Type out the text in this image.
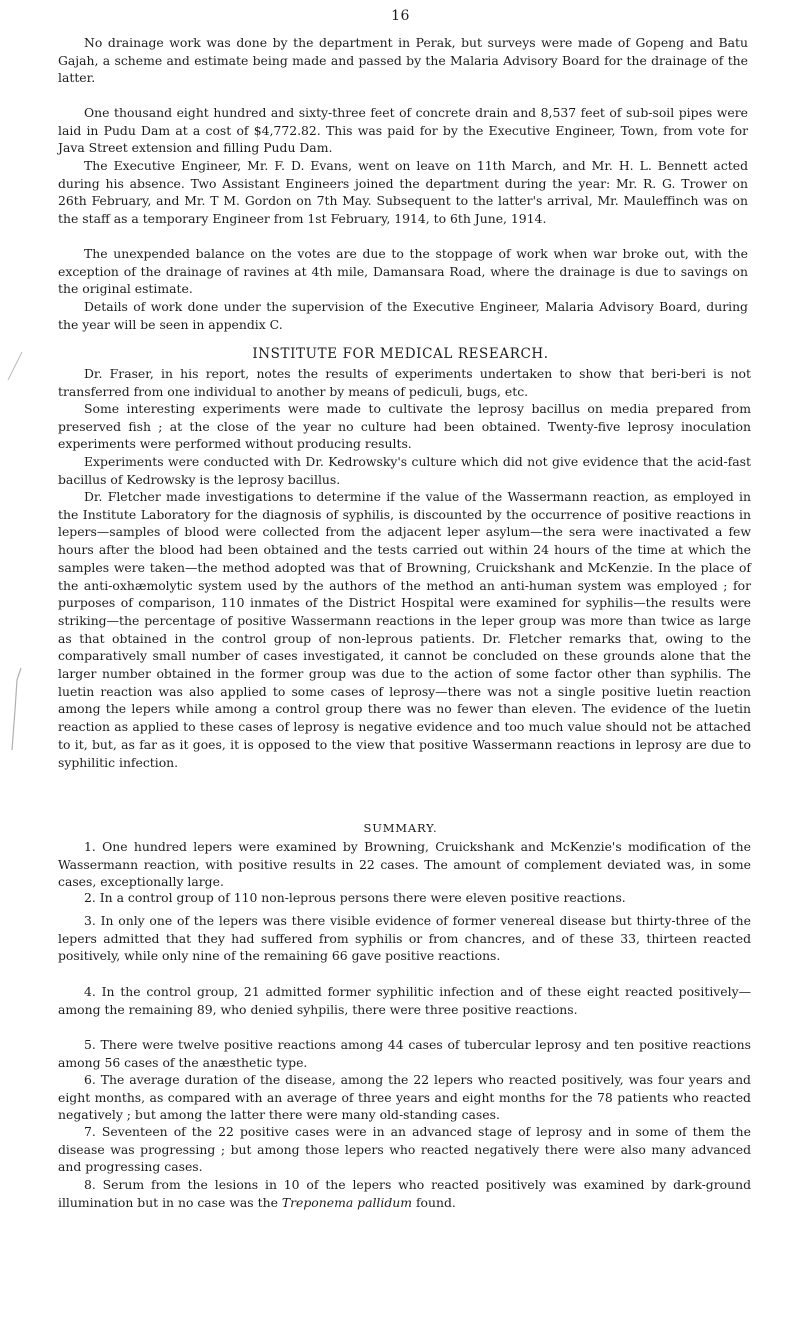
16

No drainage work was done by the department in Perak, but surveys were made of Gopeng and Batu Gajah, a scheme and estimate being made and passed by the Malaria Advisory Board for the drainage of the latter.

One thousand eight hundred and sixty-three feet of concrete drain and 8,537 feet of sub-soil pipes were laid in Pudu Dam at a cost of $4,772.82. This was paid for by the Executive Engineer, Town, from vote for Java Street extension and filling Pudu Dam.

The Executive Engineer, Mr. F. D. Evans, went on leave on 11th March, and Mr. H. L. Bennett acted during his absence. Two Assistant Engineers joined the department during the year: Mr. R. G. Trower on 26th February, and Mr. T M. Gordon on 7th May. Subsequent to the latter's arrival, Mr. Mauleffinch was on the staff as a temporary Engineer from 1st February, 1914, to 6th June, 1914.

The unexpended balance on the votes are due to the stoppage of work when war broke out, with the exception of the drainage of ravines at 4th mile, Damansara Road, where the drainage is due to savings on the original estimate.

Details of work done under the supervision of the Executive Engineer, Malaria Advisory Board, during the year will be seen in appendix C.

INSTITUTE FOR MEDICAL RESEARCH.

Dr. Fraser, in his report, notes the results of experiments undertaken to show that beri-beri is not transferred from one individual to another by means of pediculi, bugs, etc.

Some interesting experiments were made to cultivate the leprosy bacillus on media prepared from preserved fish ; at the close of the year no culture had been obtained. Twenty-five leprosy inoculation experiments were performed without producing results.

Experiments were conducted with Dr. Kedrowsky's culture which did not give evidence that the acid-fast bacillus of Kedrowsky is the leprosy bacillus.

Dr. Fletcher made investigations to determine if the value of the Wassermann reaction, as employed in the Institute Laboratory for the diagnosis of syphilis, is discounted by the occurrence of positive reactions in lepers—samples of blood were collected from the adjacent leper asylum—the sera were inactivated a few hours after the blood had been obtained and the tests carried out within 24 hours of the time at which the samples were taken—the method adopted was that of Browning, Cruickshank and McKenzie. In the place of the anti-oxhæmolytic system used by the authors of the method an anti-human system was employed ; for purposes of comparison, 110 inmates of the District Hospital were examined for syphilis—the results were striking—the percentage of positive Wassermann reactions in the leper group was more than twice as large as that obtained in the control group of non-leprous patients. Dr. Fletcher remarks that, owing to the comparatively small number of cases investigated, it cannot be concluded on these grounds alone that the larger number obtained in the former group was due to the action of some factor other than syphilis. The luetin reaction was also applied to some cases of leprosy—there was not a single positive luetin reaction among the lepers while among a control group there was no fewer than eleven. The evidence of the luetin reaction as applied to these cases of leprosy is negative evidence and too much value should not be attached to it, but, as far as it goes, it is opposed to the view that positive Wassermann reactions in leprosy are due to syphilitic infection.

SUMMARY.

1. One hundred lepers were examined by Browning, Cruickshank and McKenzie's modification of the Wassermann reaction, with positive results in 22 cases. The amount of complement deviated was, in some cases, exceptionally large.

2. In a control group of 110 non-leprous persons there were eleven positive reactions.

3. In only one of the lepers was there visible evidence of former venereal disease but thirty-three of the lepers admitted that they had suffered from syphilis or from chancres, and of these 33, thirteen reacted positively, while only nine of the remaining 66 gave positive reactions.

4. In the control group, 21 admitted former syphilitic infection and of these eight reacted positively—among the remaining 89, who denied syhpilis, there were three positive reactions.

5. There were twelve positive reactions among 44 cases of tubercular leprosy and ten positive reactions among 56 cases of the anæsthetic type.

6. The average duration of the disease, among the 22 lepers who reacted positively, was four years and eight months, as compared with an average of three years and eight months for the 78 patients who reacted negatively ; but among the latter there were many old-standing cases.

7. Seventeen of the 22 positive cases were in an advanced stage of leprosy and in some of them the disease was progressing ; but among those lepers who reacted negatively there were also many advanced and progressing cases.

8. Serum from the lesions in 10 of the lepers who reacted positively was examined by dark-ground illumination but in no case was the Treponema pallidum found.
